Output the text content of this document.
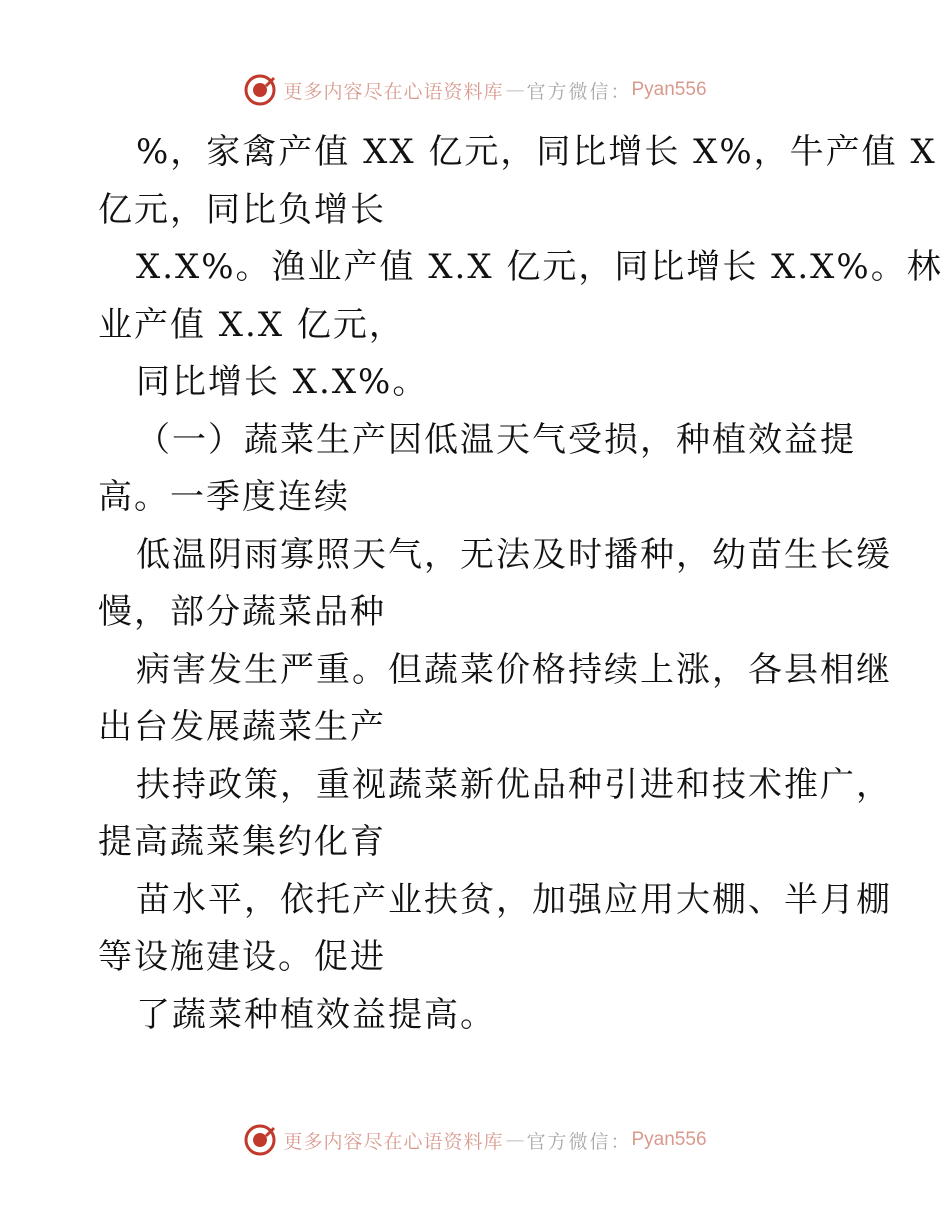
更多内容尽在心语资料库 — 官方微信： Pyan556
%，家禽产值 XX 亿元，同比增长 X%，牛产值 X
亿元，同比负增长
X.X%。渔业产值 X.X 亿元，同比增长 X.X%。林
业产值 X.X 亿元，
同比增长 X.X%。
（一）蔬菜生产因低温天气受损，种植效益提
高。一季度连续
低温阴雨寡照天气，无法及时播种，幼苗生长缓
慢，部分蔬菜品种
病害发生严重。但蔬菜价格持续上涨，各县相继
出台发展蔬菜生产
扶持政策，重视蔬菜新优品种引进和技术推广，
提高蔬菜集约化育
苗水平，依托产业扶贫，加强应用大棚、半月棚
等设施建设。促进
了蔬菜种植效益提高。
更多内容尽在心语资料库 — 官方微信： Pyan556
